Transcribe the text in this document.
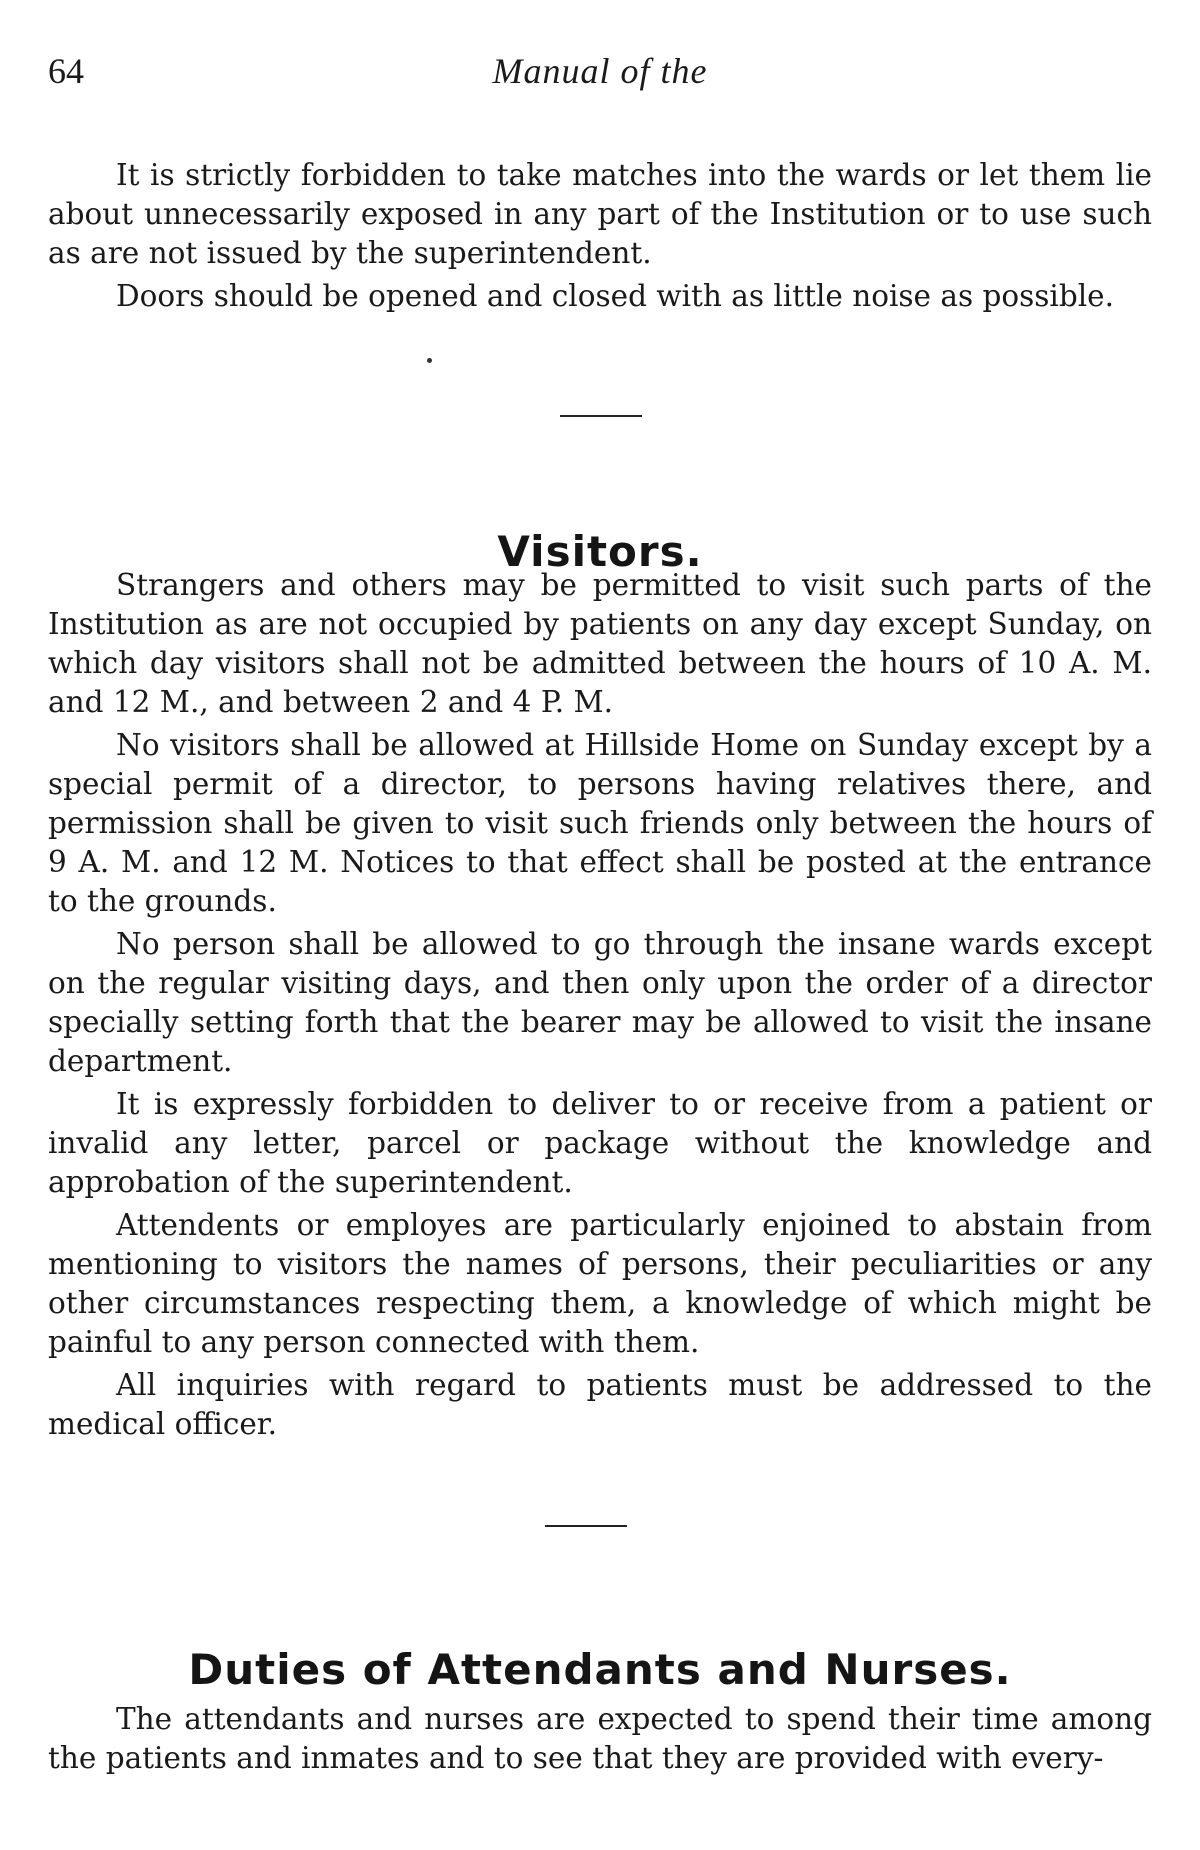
64	Manual of the

It is strictly forbidden to take matches into the wards or let them lie about unnecessarily exposed in any part of the Institution or to use such as are not issued by the superintendent.

Doors should be opened and closed with as little noise as possible.

Visitors.

Strangers and others may be permitted to visit such parts of the Institution as are not occupied by patients on any day except Sunday, on which day visitors shall not be admitted between the hours of 10 A. M. and 12 M., and between 2 and 4 P. M.

No visitors shall be allowed at Hillside Home on Sunday except by a special permit of a director, to persons having relatives there, and permission shall be given to visit such friends only between the hours of 9 A. M. and 12 M. Notices to that effect shall be posted at the entrance to the grounds.

No person shall be allowed to go through the insane wards except on the regular visiting days, and then only upon the order of a director specially setting forth that the bearer may be allowed to visit the insane department.

It is expressly forbidden to deliver to or receive from a patient or invalid any letter, parcel or package without the knowledge and approbation of the superintendent.

Attendents or employes are particularly enjoined to abstain from mentioning to visitors the names of persons, their peculiarities or any other circumstances respecting them, a knowledge of which might be painful to any person connected with them.

All inquiries with regard to patients must be addressed to the medical officer.

Duties of Attendants and Nurses.

The attendants and nurses are expected to spend their time among the patients and inmates and to see that they are provided with every-
